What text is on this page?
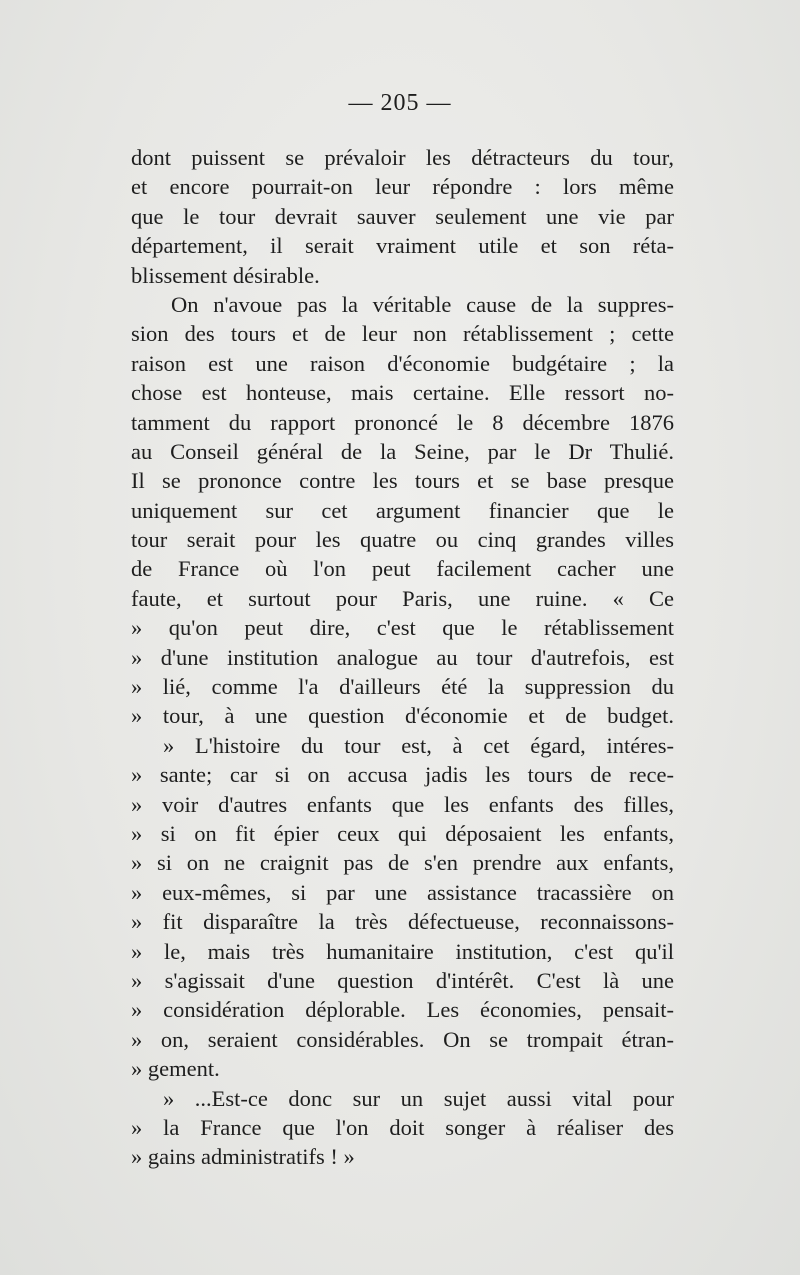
— 205 —
dont puissent se prévaloir les détracteurs du tour,
et encore pourrait-on leur répondre : lors même
que le tour devrait sauver seulement une vie par
département, il serait vraiment utile et son réta-
blissement désirable.
On n'avoue pas la véritable cause de la suppres-
sion des tours et de leur non rétablissement ; cette
raison est une raison d'économie budgétaire ; la
chose est honteuse, mais certaine. Elle ressort no-
tamment du rapport prononcé le 8 décembre 1876
au Conseil général de la Seine, par le Dr Thulié.
Il se prononce contre les tours et se base presque
uniquement sur cet argument financier que le
tour serait pour les quatre ou cinq grandes villes
de France où l'on peut facilement cacher une
faute, et surtout pour Paris, une ruine. « Ce
» qu'on peut dire, c'est que le rétablissement
» d'une institution analogue au tour d'autrefois, est
» lié, comme l'a d'ailleurs été la suppression du
» tour, à une question d'économie et de budget.
» L'histoire du tour est, à cet égard, intéres-
» sante; car si on accusa jadis les tours de rece-
» voir d'autres enfants que les enfants des filles,
» si on fit épier ceux qui déposaient les enfants,
» si on ne craignit pas de s'en prendre aux enfants,
» eux-mêmes, si par une assistance tracassière on
» fit disparaître la très défectueuse, reconnaissons-
» le, mais très humanitaire institution, c'est qu'il
» s'agissait d'une question d'intérêt. C'est là une
» considération déplorable. Les économies, pensait-
» on, seraient considérables. On se trompait étran-
» gement.
» ...Est-ce donc sur un sujet aussi vital pour
» la France que l'on doit songer à réaliser des
» gains administratifs ! »
